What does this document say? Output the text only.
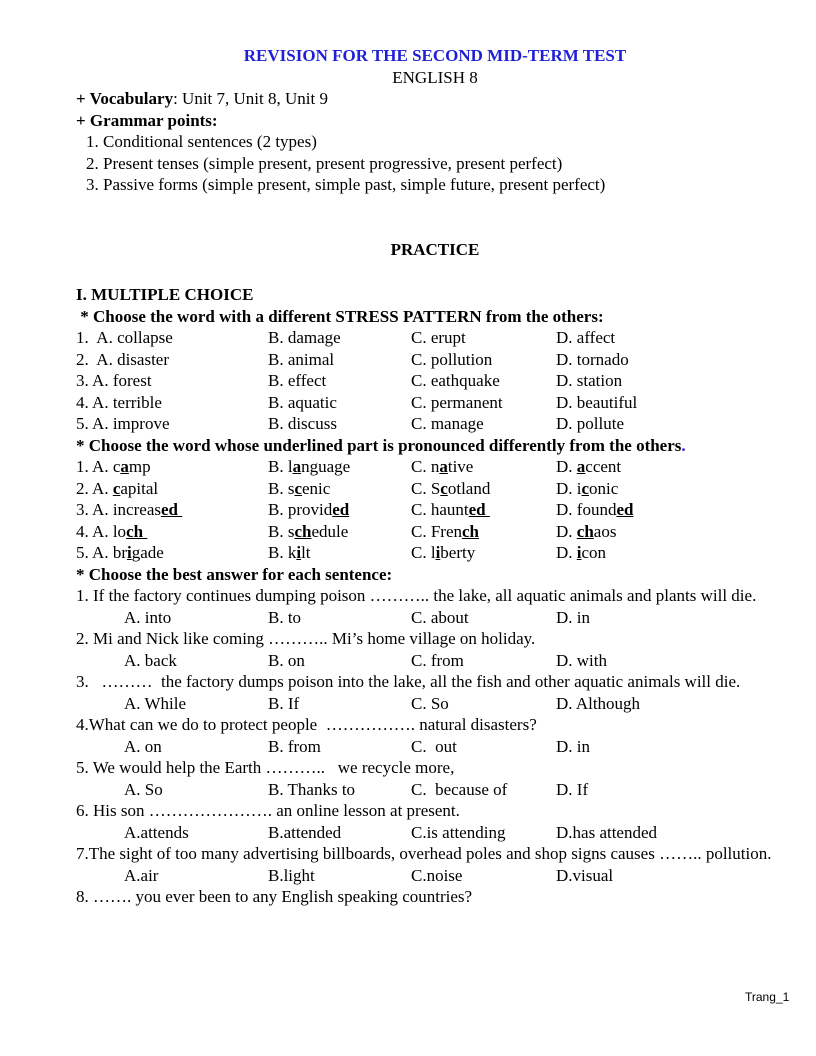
REVISION FOR THE SECOND MID-TERM TEST
ENGLISH 8
+ Vocabulary: Unit 7, Unit 8, Unit 9
+ Grammar points:
1. Conditional sentences (2 types)
2. Present tenses (simple present, present progressive, present perfect)
3. Passive forms (simple present, simple past, simple future, present perfect)
PRACTICE
I. MULTIPLE CHOICE
* Choose the word with a different STRESS PATTERN from the others:
1.  A. collapse	B. damage	C. erupt	D. affect
2.  A. disaster	B. animal	C. pollution	D. tornado
3. A. forest	B. effect	C. eathquake	D. station
4. A. terrible	B. aquatic	C. permanent	D. beautiful
5. A. improve	B. discuss	C. manage	D. pollute
* Choose the word whose underlined part is pronounced differently from the others.
1. A. camp	B. language	C. native	D. accent
2. A. capital	B. scenic	C. Scotland	D. iconic
3. A. increased	B. provided	C. haunted	D. founded
4. A. loch	B. schedule	C. French	D. chaos
5. A. brigade	B. kilt	C. liberty	D. icon
* Choose the best answer for each sentence:
1. If the factory continues dumping poison ……….. the lake, all aquatic animals and plants will die.
A. into	B. to	C. about	D. in
2. Mi and Nick like coming ……….. Mi’s home village on holiday.
A. back	B. on	C. from	D. with
3.   ………  the factory dumps poison into the lake, all the fish and other aquatic animals will die.
A. While	B. If	C. So	D. Although
4.What can we do to protect people  ……………. natural disasters?
A. on	B. from	C.  out	D. in
5. We would help the Earth ………..   we recycle more,
A. So	B. Thanks to	C.  because of	D. If
6. His son …………………. an online lesson at present.
A.attends	B.attended	C.is attending	D.has attended
7.The sight of too many advertising billboards, overhead poles and shop signs causes …….. pollution.
A.air	B.light	C.noise	D.visual
8. ……. you ever been to any English speaking countries?
Trang_1
